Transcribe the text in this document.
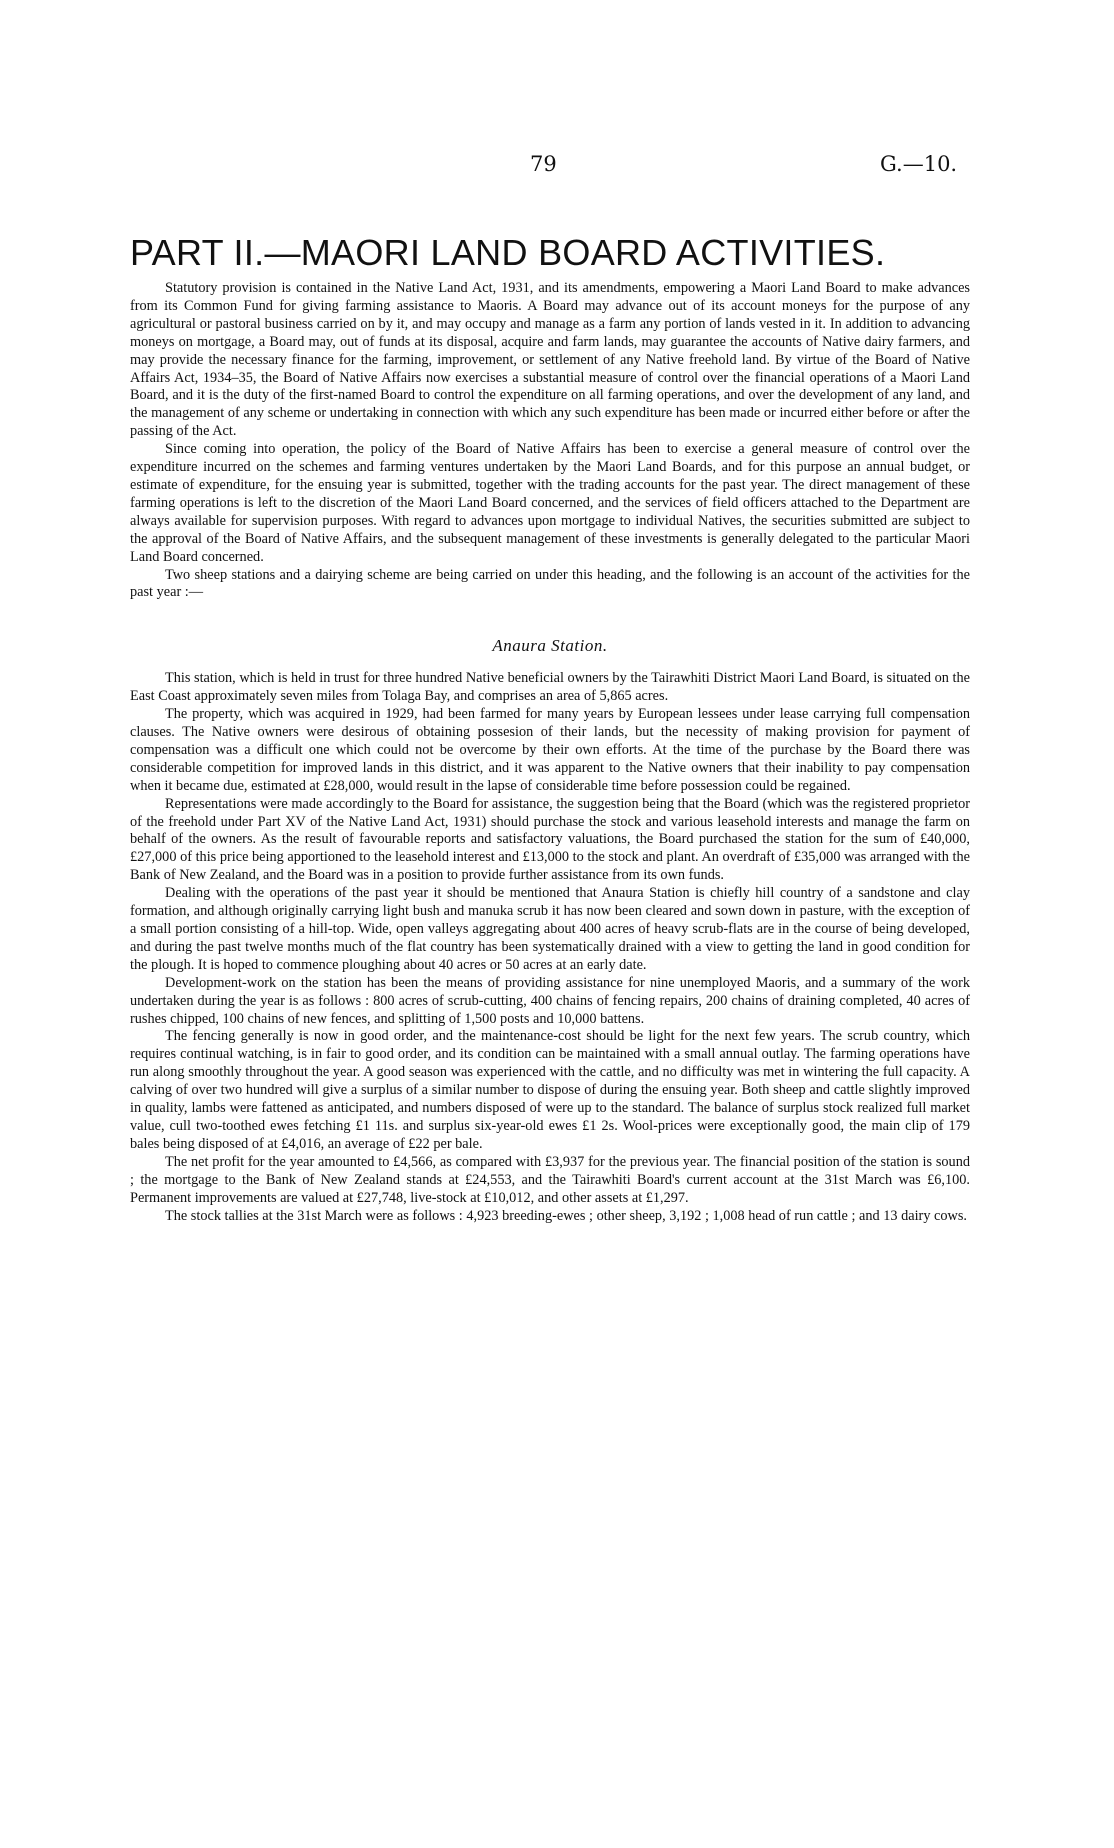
79	G.—10.
PART II.—MAORI LAND BOARD ACTIVITIES.

Statutory provision is contained in the Native Land Act, 1931, and its amendments, empowering a Maori Land Board to make advances from its Common Fund for giving farming assistance to Maoris. A Board may advance out of its account moneys for the purpose of any agricultural or pastoral business carried on by it, and may occupy and manage as a farm any portion of lands vested in it. In addition to advancing moneys on mortgage, a Board may, out of funds at its disposal, acquire and farm lands, may guarantee the accounts of Native dairy farmers, and may provide the necessary finance for the farming, improvement, or settlement of any Native freehold land. By virtue of the Board of Native Affairs Act, 1934–35, the Board of Native Affairs now exercises a substantial measure of control over the financial operations of a Maori Land Board, and it is the duty of the first-named Board to control the expenditure on all farming operations, and over the development of any land, and the management of any scheme or undertaking in connection with which any such expenditure has been made or incurred either before or after the passing of the Act.

Since coming into operation, the policy of the Board of Native Affairs has been to exercise a general measure of control over the expenditure incurred on the schemes and farming ventures undertaken by the Maori Land Boards, and for this purpose an annual budget, or estimate of expenditure, for the ensuing year is submitted, together with the trading accounts for the past year. The direct management of these farming operations is left to the discretion of the Maori Land Board concerned, and the services of field officers attached to the Department are always available for supervision purposes. With regard to advances upon mortgage to individual Natives, the securities submitted are subject to the approval of the Board of Native Affairs, and the subsequent management of these investments is generally delegated to the particular Maori Land Board concerned.

Two sheep stations and a dairying scheme are being carried on under this heading, and the following is an account of the activities for the past year :—

Anaura Station.

This station, which is held in trust for three hundred Native beneficial owners by the Tairawhiti District Maori Land Board, is situated on the East Coast approximately seven miles from Tolaga Bay, and comprises an area of 5,865 acres.

The property, which was acquired in 1929, had been farmed for many years by European lessees under lease carrying full compensation clauses. The Native owners were desirous of obtaining possesion of their lands, but the necessity of making provision for payment of compensation was a difficult one which could not be overcome by their own efforts. At the time of the purchase by the Board there was considerable competition for improved lands in this district, and it was apparent to the Native owners that their inability to pay compensation when it became due, estimated at £28,000, would result in the lapse of considerable time before possession could be regained.

Representations were made accordingly to the Board for assistance, the suggestion being that the Board (which was the registered proprietor of the freehold under Part XV of the Native Land Act, 1931) should purchase the stock and various leasehold interests and manage the farm on behalf of the owners. As the result of favourable reports and satisfactory valuations, the Board purchased the station for the sum of £40,000, £27,000 of this price being apportioned to the leasehold interest and £13,000 to the stock and plant. An overdraft of £35,000 was arranged with the Bank of New Zealand, and the Board was in a position to provide further assistance from its own funds.

Dealing with the operations of the past year it should be mentioned that Anaura Station is chiefly hill country of a sandstone and clay formation, and although originally carrying light bush and manuka scrub it has now been cleared and sown down in pasture, with the exception of a small portion consisting of a hill-top. Wide, open valleys aggregating about 400 acres of heavy scrub-flats are in the course of being developed, and during the past twelve months much of the flat country has been systematically drained with a view to getting the land in good condition for the plough. It is hoped to commence ploughing about 40 acres or 50 acres at an early date.

Development-work on the station has been the means of providing assistance for nine unemployed Maoris, and a summary of the work undertaken during the year is as follows : 800 acres of scrub-cutting, 400 chains of fencing repairs, 200 chains of draining completed, 40 acres of rushes chipped, 100 chains of new fences, and splitting of 1,500 posts and 10,000 battens.

The fencing generally is now in good order, and the maintenance-cost should be light for the next few years. The scrub country, which requires continual watching, is in fair to good order, and its condition can be maintained with a small annual outlay. The farming operations have run along smoothly throughout the year. A good season was experienced with the cattle, and no difficulty was met in wintering the full capacity. A calving of over two hundred will give a surplus of a similar number to dispose of during the ensuing year. Both sheep and cattle slightly improved in quality, lambs were fattened as anticipated, and numbers disposed of were up to the standard. The balance of surplus stock realized full market value, cull two-toothed ewes fetching £1 11s. and surplus six-year-old ewes £1 2s. Wool-prices were exceptionally good, the main clip of 179 bales being disposed of at £4,016, an average of £22 per bale.

The net profit for the year amounted to £4,566, as compared with £3,937 for the previous year. The financial position of the station is sound ; the mortgage to the Bank of New Zealand stands at £24,553, and the Tairawhiti Board's current account at the 31st March was £6,100. Permanent improvements are valued at £27,748, live-stock at £10,012, and other assets at £1,297.

The stock tallies at the 31st March were as follows : 4,923 breeding-ewes ; other sheep, 3,192 ; 1,008 head of run cattle ; and 13 dairy cows.
